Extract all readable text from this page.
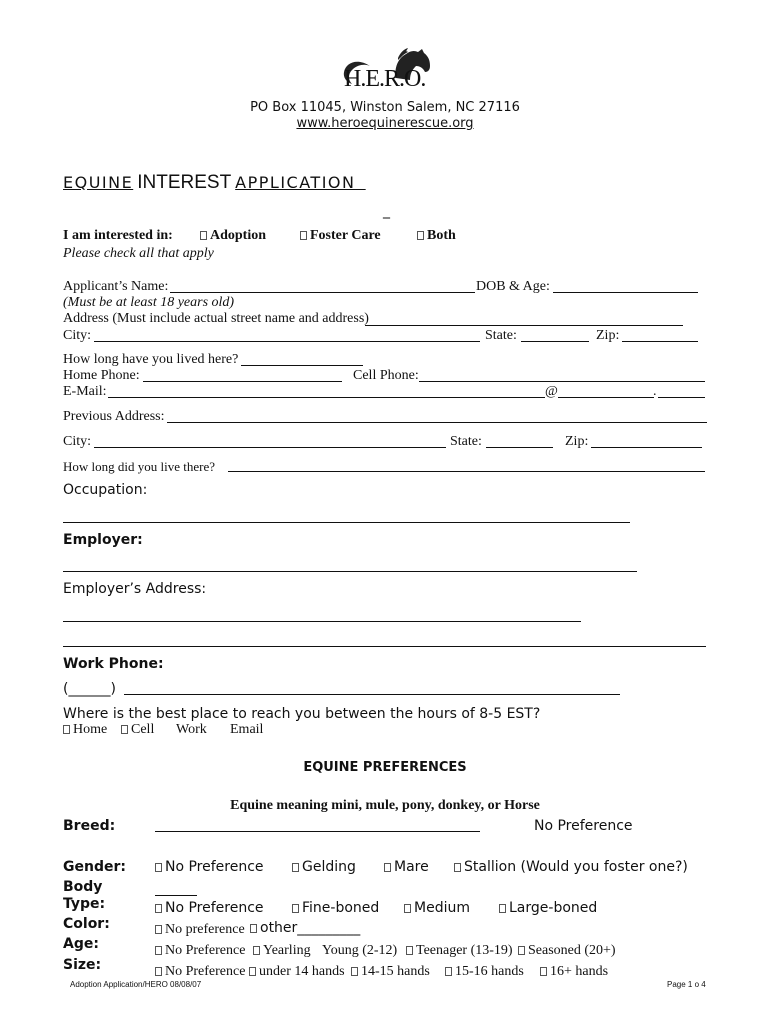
H.E.R.O.
PO Box 11045, Winston Salem, NC 27116
www.heroequinerescue.org
EQUINE INTEREST APPLICATION
_
I am interested in:	Adoption	Foster Care	Both
Please check all that apply
Applicant’s Name:	DOB & Age:
(Must be at least 18 years old)
Address (Must include actual street name and address)
City:	State:	Zip:
How long have you lived here?
Home Phone:	Cell Phone:
E-Mail:	@	.
Previous Address:
City:	State:	Zip:
How long did you live there?
Occupation:
Employer:
Employer’s Address:
Work Phone:
(______)
Where is the best place to reach you between the hours of 8-5 EST?
Home	Cell Work Email
EQUINE PREFERENCES
Equine meaning mini, mule, pony, donkey, or Horse
Breed:	No Preference
Gender:	No Preference	Gelding	Mare	Stallion (Would you foster one?)
Body
Type:	No Preference	Fine-boned	Medium	Large-boned
Color:	No preference	other_________
Age:	No Preference	Yearling Young (2-12)	Teenager (13-19)	Seasoned (20+)
Size:	No Preference under 14 hands	14-15 hands	15-16 hands	16+ hands
Adoption Application/HERO 08/08/07	Page 1 o 4
